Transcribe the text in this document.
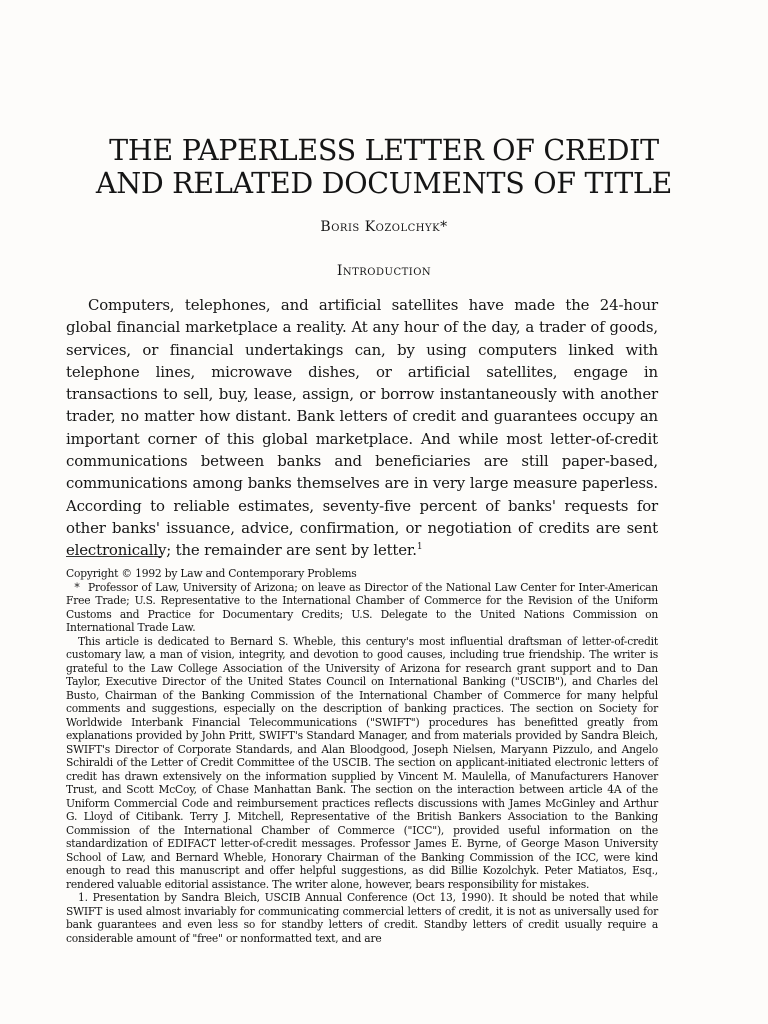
THE PAPERLESS LETTER OF CREDIT
AND RELATED DOCUMENTS OF TITLE
Boris Kozolchyk*
Introduction

Computers, telephones, and artificial satellites have made the 24-hour global financial marketplace a reality. At any hour of the day, a trader of goods, services, or financial undertakings can, by using computers linked with telephone lines, microwave dishes, or artificial satellites, engage in transactions to sell, buy, lease, assign, or borrow instantaneously with another trader, no matter how distant. Bank letters of credit and guarantees occupy an important corner of this global marketplace. And while most letter-of-credit communications between banks and beneficiaries are still paper-based, communications among banks themselves are in very large measure paperless. According to reliable estimates, seventy-five percent of banks' requests for other banks' issuance, advice, confirmation, or negotiation of credits are sent electronically; the remainder are sent by letter.$^1$

Copyright © 1992 by Law and Contemporary Problems

* Professor of Law, University of Arizona; on leave as Director of the National Law Center for Inter-American Free Trade; U.S. Representative to the International Chamber of Commerce for the Revision of the Uniform Customs and Practice for Documentary Credits; U.S. Delegate to the United Nations Commission on International Trade Law.

This article is dedicated to Bernard S. Wheble, this century's most influential draftsman of letter-of-credit customary law, a man of vision, integrity, and devotion to good causes, including true friendship. The writer is grateful to the Law College Association of the University of Arizona for research grant support and to Dan Taylor, Executive Director of the United States Council on International Banking ("USCIB"), and Charles del Busto, Chairman of the Banking Commission of the International Chamber of Commerce for many helpful comments and suggestions, especially on the description of banking practices. The section on Society for Worldwide Interbank Financial Telecommunications ("SWIFT") procedures has benefitted greatly from explanations provided by John Pritt, SWIFT's Standard Manager, and from materials provided by Sandra Bleich, SWIFT's Director of Corporate Standards, and Alan Bloodgood, Joseph Nielsen, Maryann Pizzulo, and Angelo Schiraldi of the Letter of Credit Committee of the USCIB. The section on applicant-initiated electronic letters of credit has drawn extensively on the information supplied by Vincent M. Maulella, of Manufacturers Hanover Trust, and Scott McCoy, of Chase Manhattan Bank. The section on the interaction between article 4A of the Uniform Commercial Code and reimbursement practices reflects discussions with James McGinley and Arthur G. Lloyd of Citibank. Terry J. Mitchell, Representative of the British Bankers Association to the Banking Commission of the International Chamber of Commerce ("ICC"), provided useful information on the standardization of EDIFACT letter-of-credit messages. Professor James E. Byrne, of George Mason University School of Law, and Bernard Wheble, Honorary Chairman of the Banking Commission of the ICC, were kind enough to read this manuscript and offer helpful suggestions, as did Billie Kozolchyk. Peter Matiatos, Esq., rendered valuable editorial assistance. The writer alone, however, bears responsibility for mistakes.

1. Presentation by Sandra Bleich, USCIB Annual Conference (Oct 13, 1990). It should be noted that while SWIFT is used almost invariably for communicating commercial letters of credit, it is not as universally used for bank guarantees and even less so for standby letters of credit. Standby letters of credit usually require a considerable amount of "free" or nonformatted text, and are
